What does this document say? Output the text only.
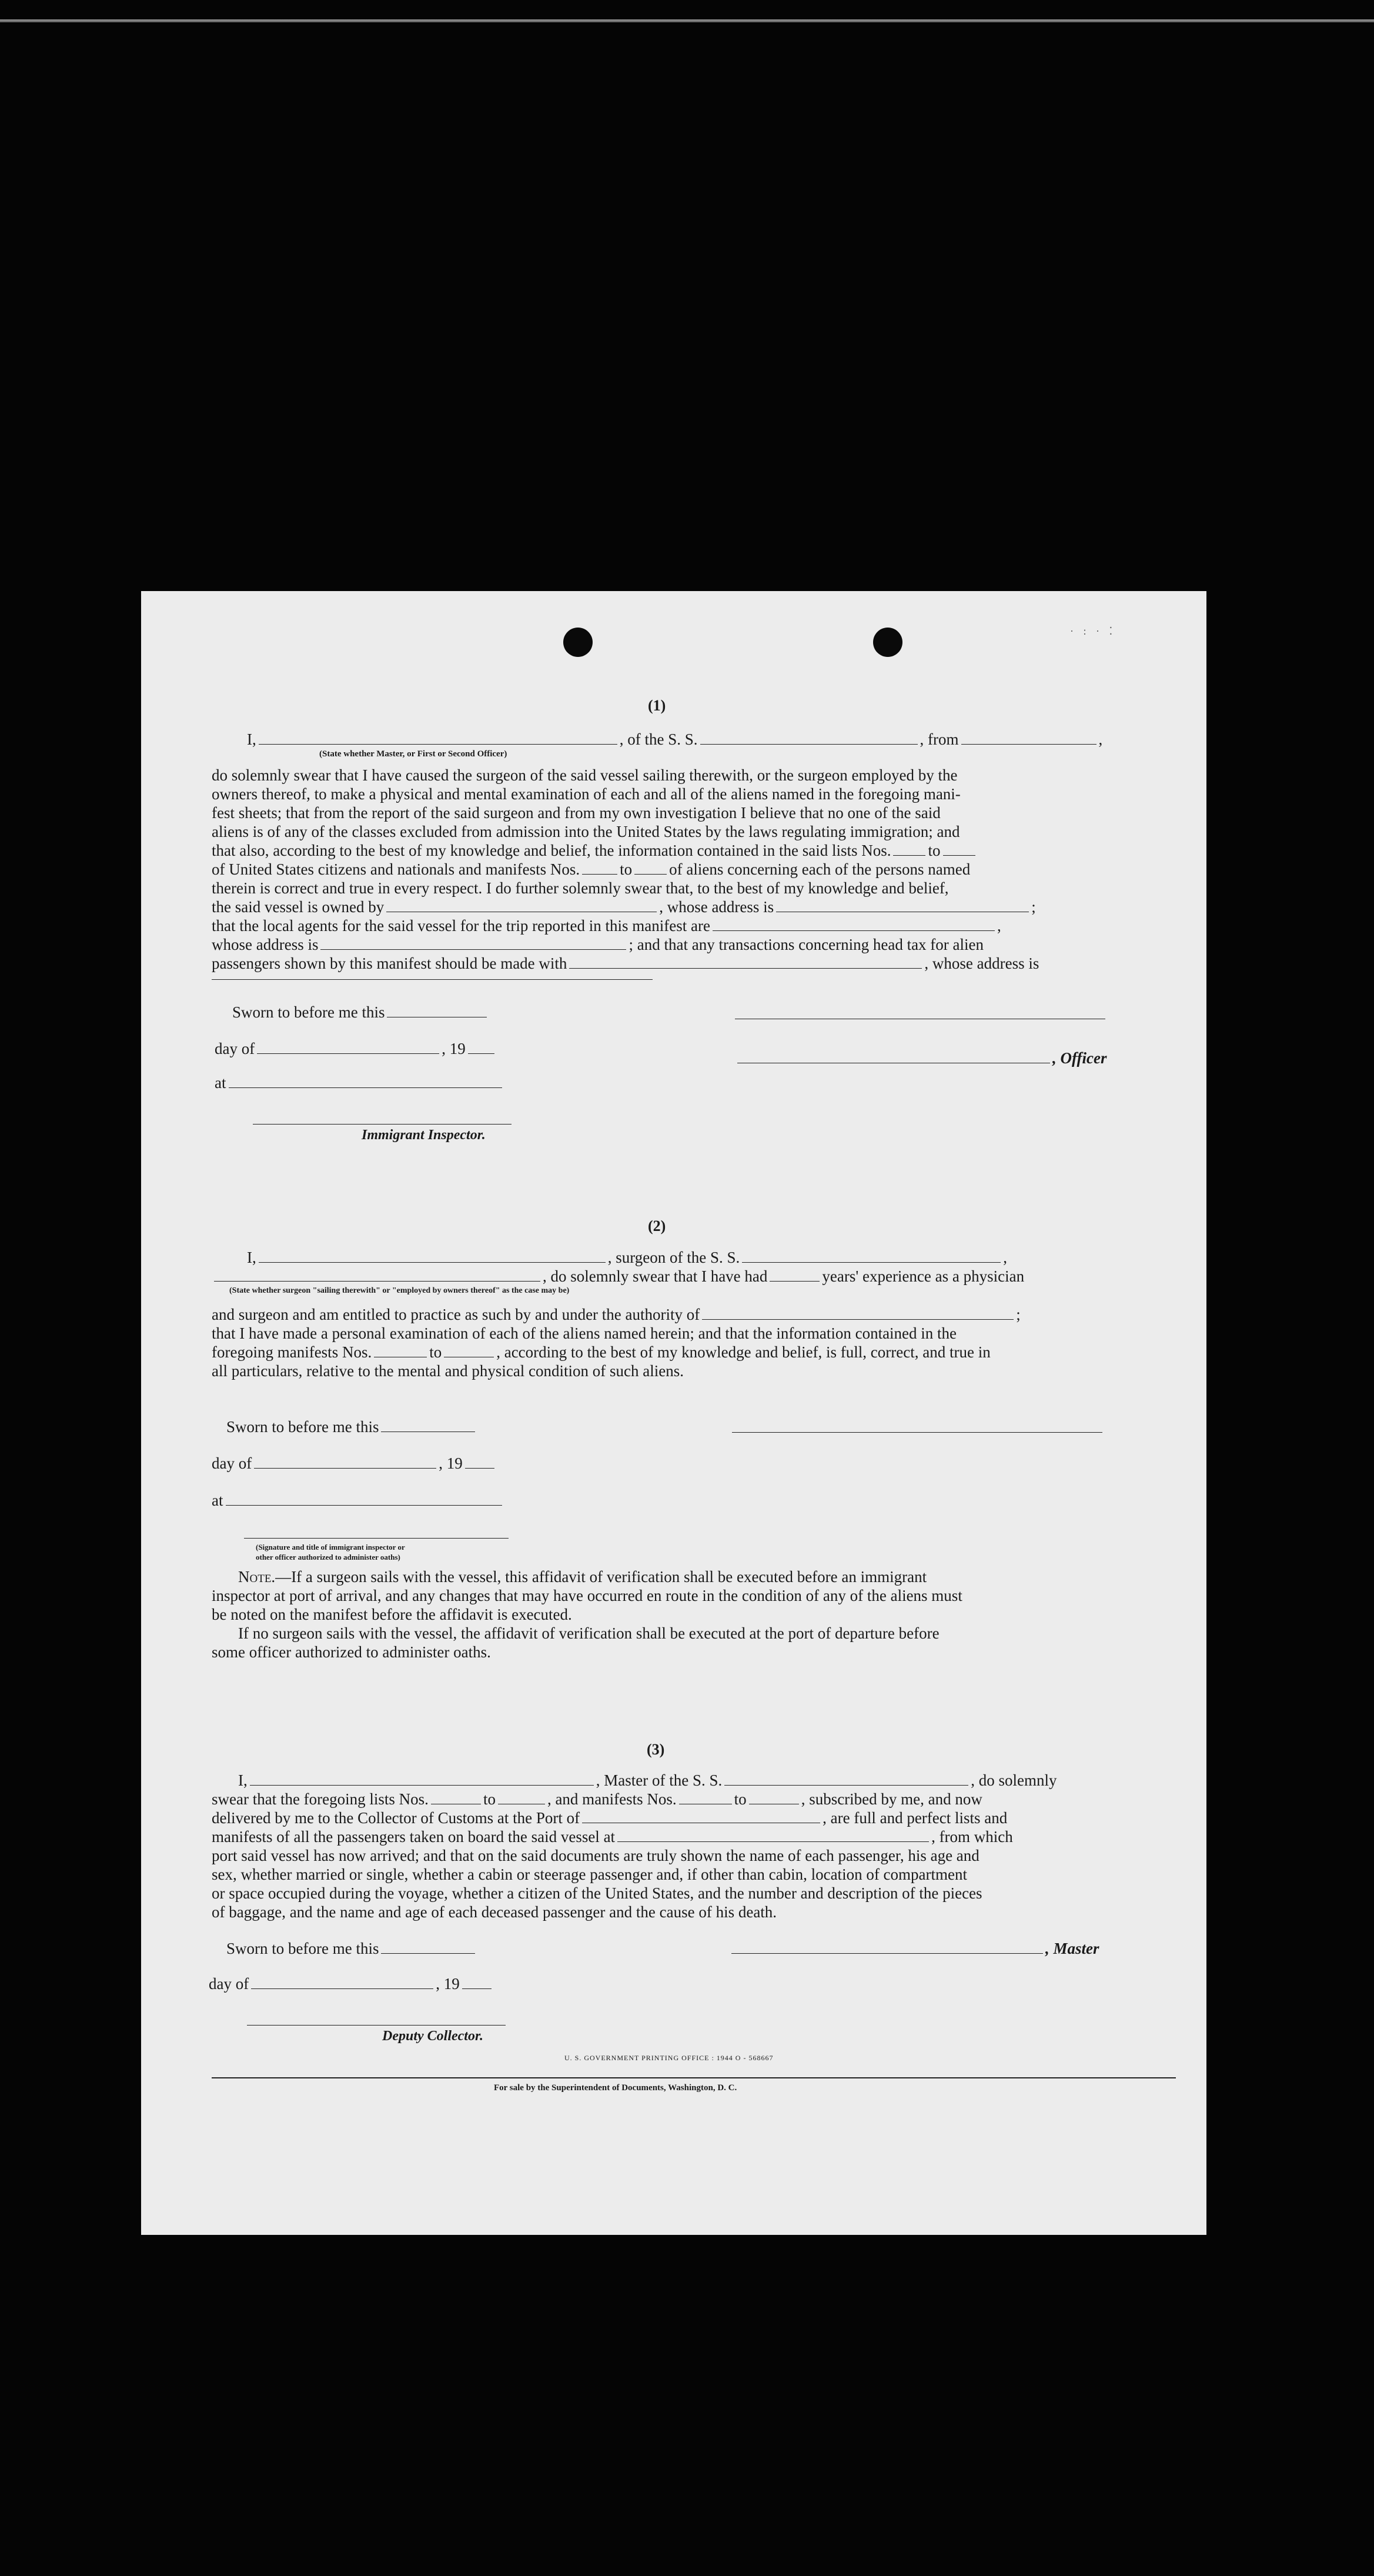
· : · ⁚
(1)
I,	, of the S. S.	, from	,
(State whether Master, or First or Second Officer)
do solemnly swear that I have caused the surgeon of the said vessel sailing therewith, or the surgeon employed by the
owners thereof, to make a physical and mental examination of each and all of the aliens named in the foregoing mani-
fest sheets; that from the report of the said surgeon and from my own investigation I believe that no one of the said
aliens is of any of the classes excluded from admission into the United States by the laws regulating immigration; and
that also, according to the best of my knowledge and belief, the information contained in the said lists Nos. to
of United States citizens and nationals and manifests Nos.	to of aliens concerning each of the persons named
therein is correct and true in every respect. I do further solemnly swear that, to the best of my knowledge and belief,
the said vessel is owned by	, whose address is	;
that the local agents for the said vessel for the trip reported in this manifest are	,
whose address is	; and that any transactions concerning head tax for alien
passengers shown by this manifest should be made with	, whose address is
Sworn to before me this
day of	, 19
, Officer
at
Immigrant Inspector.
(2)
I,	, surgeon of the S. S.	,
, do solemnly swear that I have had	years' experience as a physician
(State whether surgeon "sailing therewith" or "employed by owners thereof" as the case may be)
and surgeon and am entitled to practice as such by and under the authority of	;
that I have made a personal examination of each of the aliens named herein; and that the information contained in the
foregoing manifests Nos.	to	, according to the best of my knowledge and belief, is full, correct, and true in
all particulars, relative to the mental and physical condition of such aliens.
Sworn to before me this
day of	, 19
at
(Signature and title of immigrant inspector or
other officer authorized to administer oaths)
Note.—If a surgeon sails with the vessel, this affidavit of verification shall be executed before an immigrant
inspector at port of arrival, and any changes that may have occurred en route in the condition of any of the aliens must
be noted on the manifest before the affidavit is executed.
If no surgeon sails with the vessel, the affidavit of verification shall be executed at the port of departure before
some officer authorized to administer oaths.
(3)
I,	, Master of the S. S.	, do solemnly
swear that the foregoing lists Nos.	to	, and manifests Nos.	to	, subscribed by me, and now
delivered by me to the Collector of Customs at the Port of	, are full and perfect lists and
manifests of all the passengers taken on board the said vessel at	, from which
port said vessel has now arrived; and that on the said documents are truly shown the name of each passenger, his age and
sex, whether married or single, whether a cabin or steerage passenger and, if other than cabin, location of compartment
or space occupied during the voyage, whether a citizen of the United States, and the number and description of the pieces
of baggage, and the name and age of each deceased passenger and the cause of his death.
Sworn to before me this	, Master
day of	, 19
Deputy Collector.
U. S. GOVERNMENT PRINTING OFFICE : 1944 O - 568667
For sale by the Superintendent of Documents, Washington, D. C.
